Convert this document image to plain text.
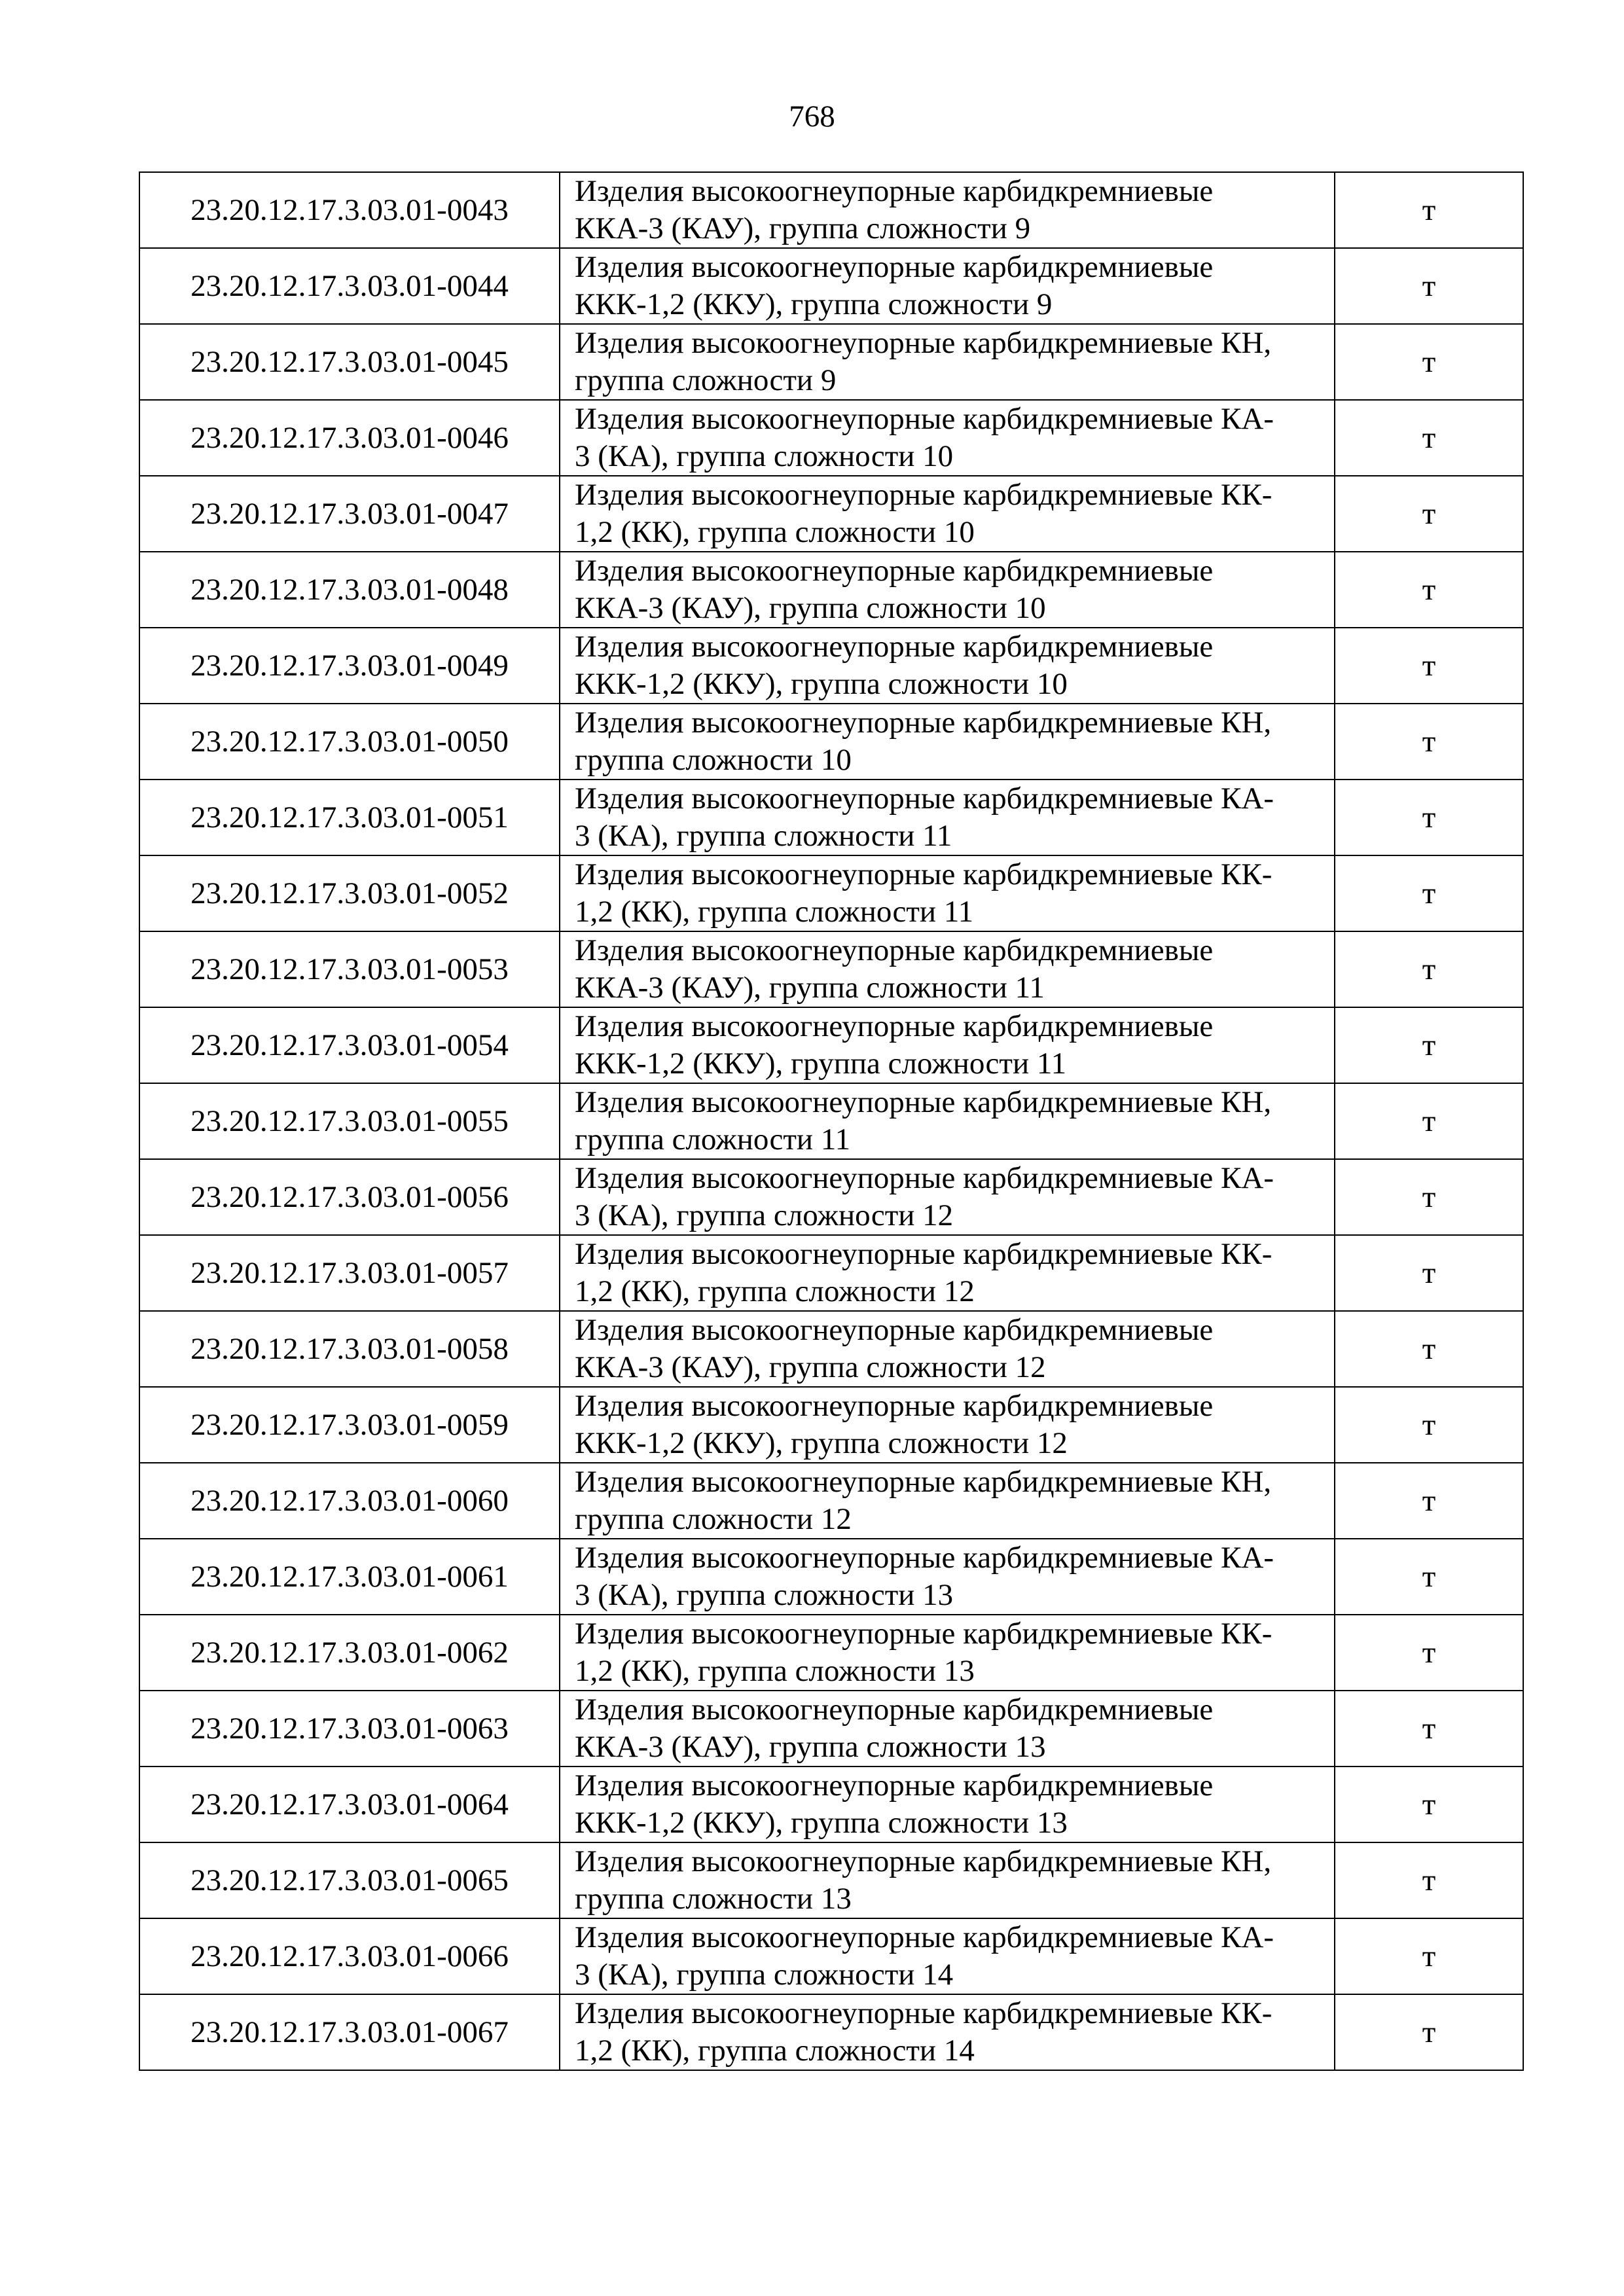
768
23.20.12.17.3.03.01-0043	Изделия высокоогнеупорные карбидкремниевые
ККА-3 (КАУ), группа сложности 9	т
23.20.12.17.3.03.01-0044	Изделия высокоогнеупорные карбидкремниевые
ККК-1,2 (ККУ), группа сложности 9	т
23.20.12.17.3.03.01-0045	Изделия высокоогнеупорные карбидкремниевые КН,
группа сложности 9	т
23.20.12.17.3.03.01-0046	Изделия высокоогнеупорные карбидкремниевые КА-
3 (КА), группа сложности 10	т
23.20.12.17.3.03.01-0047	Изделия высокоогнеупорные карбидкремниевые КК-
1,2 (КК), группа сложности 10	т
23.20.12.17.3.03.01-0048	Изделия высокоогнеупорные карбидкремниевые
ККА-3 (КАУ), группа сложности 10	т
23.20.12.17.3.03.01-0049	Изделия высокоогнеупорные карбидкремниевые
ККК-1,2 (ККУ), группа сложности 10	т
23.20.12.17.3.03.01-0050	Изделия высокоогнеупорные карбидкремниевые КН,
группа сложности 10	т
23.20.12.17.3.03.01-0051	Изделия высокоогнеупорные карбидкремниевые КА-
3 (КА), группа сложности 11	т
23.20.12.17.3.03.01-0052	Изделия высокоогнеупорные карбидкремниевые КК-
1,2 (КК), группа сложности 11	т
23.20.12.17.3.03.01-0053	Изделия высокоогнеупорные карбидкремниевые
ККА-3 (КАУ), группа сложности 11	т
23.20.12.17.3.03.01-0054	Изделия высокоогнеупорные карбидкремниевые
ККК-1,2 (ККУ), группа сложности 11	т
23.20.12.17.3.03.01-0055	Изделия высокоогнеупорные карбидкремниевые КН,
группа сложности 11	т
23.20.12.17.3.03.01-0056	Изделия высокоогнеупорные карбидкремниевые КА-
3 (КА), группа сложности 12	т
23.20.12.17.3.03.01-0057	Изделия высокоогнеупорные карбидкремниевые КК-
1,2 (КК), группа сложности 12	т
23.20.12.17.3.03.01-0058	Изделия высокоогнеупорные карбидкремниевые
ККА-3 (КАУ), группа сложности 12	т
23.20.12.17.3.03.01-0059	Изделия высокоогнеупорные карбидкремниевые
ККК-1,2 (ККУ), группа сложности 12	т
23.20.12.17.3.03.01-0060	Изделия высокоогнеупорные карбидкремниевые КН,
группа сложности 12	т
23.20.12.17.3.03.01-0061	Изделия высокоогнеупорные карбидкремниевые КА-
3 (КА), группа сложности 13	т
23.20.12.17.3.03.01-0062	Изделия высокоогнеупорные карбидкремниевые КК-
1,2 (КК), группа сложности 13	т
23.20.12.17.3.03.01-0063	Изделия высокоогнеупорные карбидкремниевые
ККА-3 (КАУ), группа сложности 13	т
23.20.12.17.3.03.01-0064	Изделия высокоогнеупорные карбидкремниевые
ККК-1,2 (ККУ), группа сложности 13	т
23.20.12.17.3.03.01-0065	Изделия высокоогнеупорные карбидкремниевые КН,
группа сложности 13	т
23.20.12.17.3.03.01-0066	Изделия высокоогнеупорные карбидкремниевые КА-
3 (КА), группа сложности 14	т
23.20.12.17.3.03.01-0067	Изделия высокоогнеупорные карбидкремниевые КК-
1,2 (КК), группа сложности 14	т
